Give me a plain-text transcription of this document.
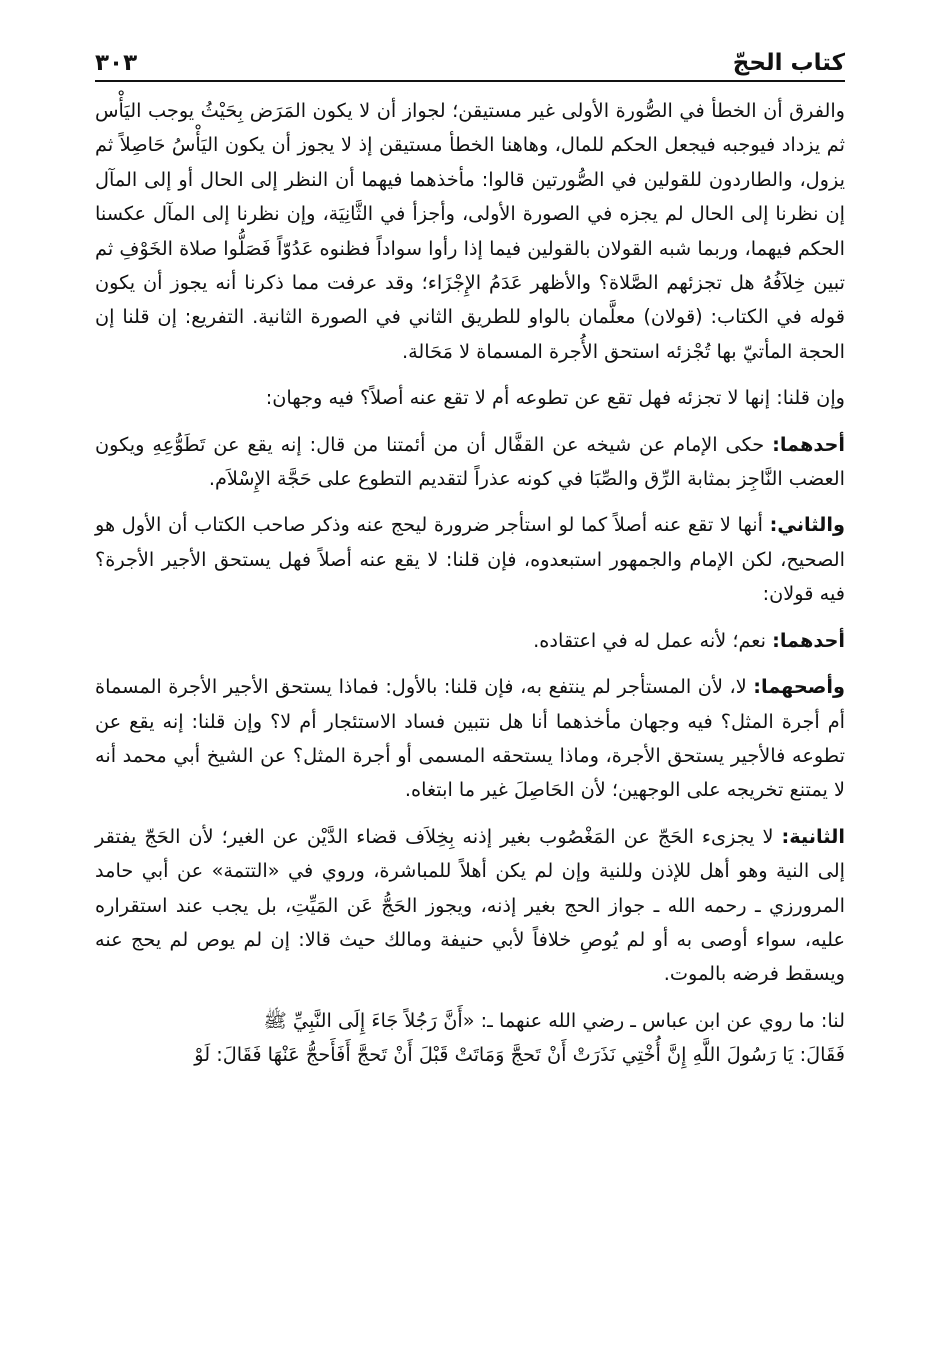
كتاب الحجّ
٣٠٣

والفرق أن الخطأ في الصُّورة الأولى غير مستيقن؛ لجواز أن لا يكون المَرَض بِحَيْثُ يوجب اليَأْس ثم يزداد فيوجبه فيجعل الحكم للمال، وهاهنا الخطأ مستيقن إذ لا يجوز أن يكون اليَأْسُ حَاصِلاً ثم يزول، والطاردون للقولين في الصُّورتين قالوا: مأخذهما فيهما أن النظر إلى الحال أو إلى المآل إن نظرنا إلى الحال لم يجزه في الصورة الأولى، وأجزأ في الثَّانِيَة، وإن نظرنا إلى المآل عكسنا الحكم فيهما، وربما شبه القولان بالقولين فيما إذا رأوا سواداً فظنوه عَدُوّاً فَصَلُّوا صلاة الخَوْفِ ثم تبين خِلاَفُهُ هل تجزئهم الصَّلاة؟ والأظهر عَدَمُ الإِجْزَاء؛ وقد عرفت مما ذكرنا أنه يجوز أن يكون قوله في الكتاب: (قولان) معلَّمان بالواو للطريق الثاني في الصورة الثانية. التفريع: إن قلنا إن الحجة المأتيّ بها تُجْزئه استحق الأُجرة المسماة لا مَحَالة.

وإن قلنا: إنها لا تجزئه فهل تقع عن تطوعه أم لا تقع عنه أصلاً؟ فيه وجهان:

أحدهما: حكى الإمام عن شيخه عن القفَّال أن من أئمتنا من قال: إنه يقع عن تَطَوُّعِهِ ويكون العضب النَّاجِز بمثابة الرِّق والصِّبَا في كونه عذراً لتقديم التطوع على حَجَّة الإِسْلاَم.

والثاني: أنها لا تقع عنه أصلاً كما لو استأجر ضرورة ليحج عنه وذكر صاحب الكتاب أن الأول هو الصحيح، لكن الإمام والجمهور استبعدوه، فإن قلنا: لا يقع عنه أصلاً فهل يستحق الأجير الأجرة؟ فيه قولان:

أحدهما: نعم؛ لأنه عمل له في اعتقاده.

وأصحهما: لا، لأن المستأجر لم ينتفع به، فإن قلنا: بالأول: فماذا يستحق الأجير الأجرة المسماة أم أجرة المثل؟ فيه وجهان مأخذهما أنا هل نتبين فساد الاستئجار أم لا؟ وإن قلنا: إنه يقع عن تطوعه فالأجير يستحق الأجرة، وماذا يستحقه المسمى أو أجرة المثل؟ عن الشيخ أبي محمد أنه لا يمتنع تخريجه على الوجهين؛ لأن الحَاصِلَ غير ما ابتغاه.

الثانية: لا يجزىء الحَجّ عن المَغْصُوب بغير إذنه بِخِلاَف قضاء الدَّيْن عن الغير؛ لأن الحَجّ يفتقر إلى النية وهو أهل للإذن وللنية وإن لم يكن أهلاً للمباشرة، وروي في «التتمة» عن أبي حامد المرورزي ـ رحمه الله ـ جواز الحج بغير إذنه، ويجوز الحَجُّ عَن المَيِّتِ، بل يجب عند استقراره عليه، سواء أوصى به أو لم يُوصِ خلافاً لأبي حنيفة ومالك حيث قالا: إن لم يوص لم يحج عنه ويسقط فرضه بالموت.

لنا: ما روي عن ابن عباس ـ رضي الله عنهما ـ: «أَنَّ رَجُلاً جَاءَ إِلَى النَّبِيِّ ﷺ

فَقَالَ: يَا رَسُولَ اللَّهِ إِنَّ أُخْتِي نَذَرَتْ أَنْ تَحجَّ وَمَاتَتْ قَبْلَ أَنْ تَحجَّ أَفَأَحجُّ عَنْهَا فَقَالَ: لَوْ
